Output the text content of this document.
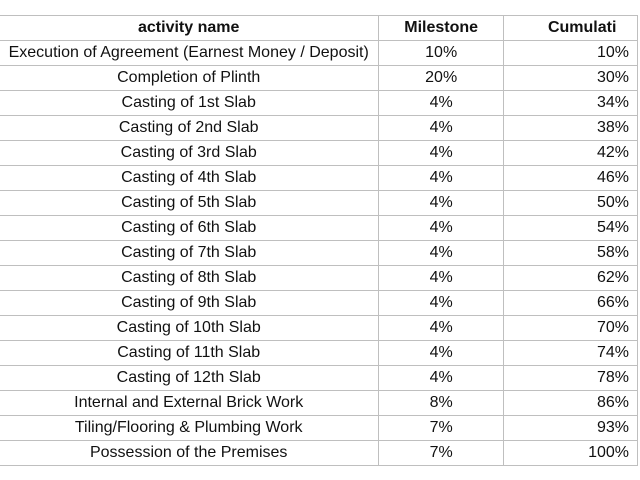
activity name	Milestone	Cumulati
Execution of Agreement (Earnest Money / Deposit)	10%	10%
Completion of Plinth	20%	30%
Casting of 1st Slab	4%	34%
Casting of 2nd Slab	4%	38%
Casting of 3rd Slab	4%	42%
Casting of 4th Slab	4%	46%
Casting of 5th Slab	4%	50%
Casting of 6th Slab	4%	54%
Casting of 7th Slab	4%	58%
Casting of 8th Slab	4%	62%
Casting of 9th Slab	4%	66%
Casting of 10th Slab	4%	70%
Casting of 11th Slab	4%	74%
Casting of 12th Slab	4%	78%
Internal and External Brick Work	8%	86%
Tiling/Flooring & Plumbing Work	7%	93%
Possession of the Premises	7%	100%
